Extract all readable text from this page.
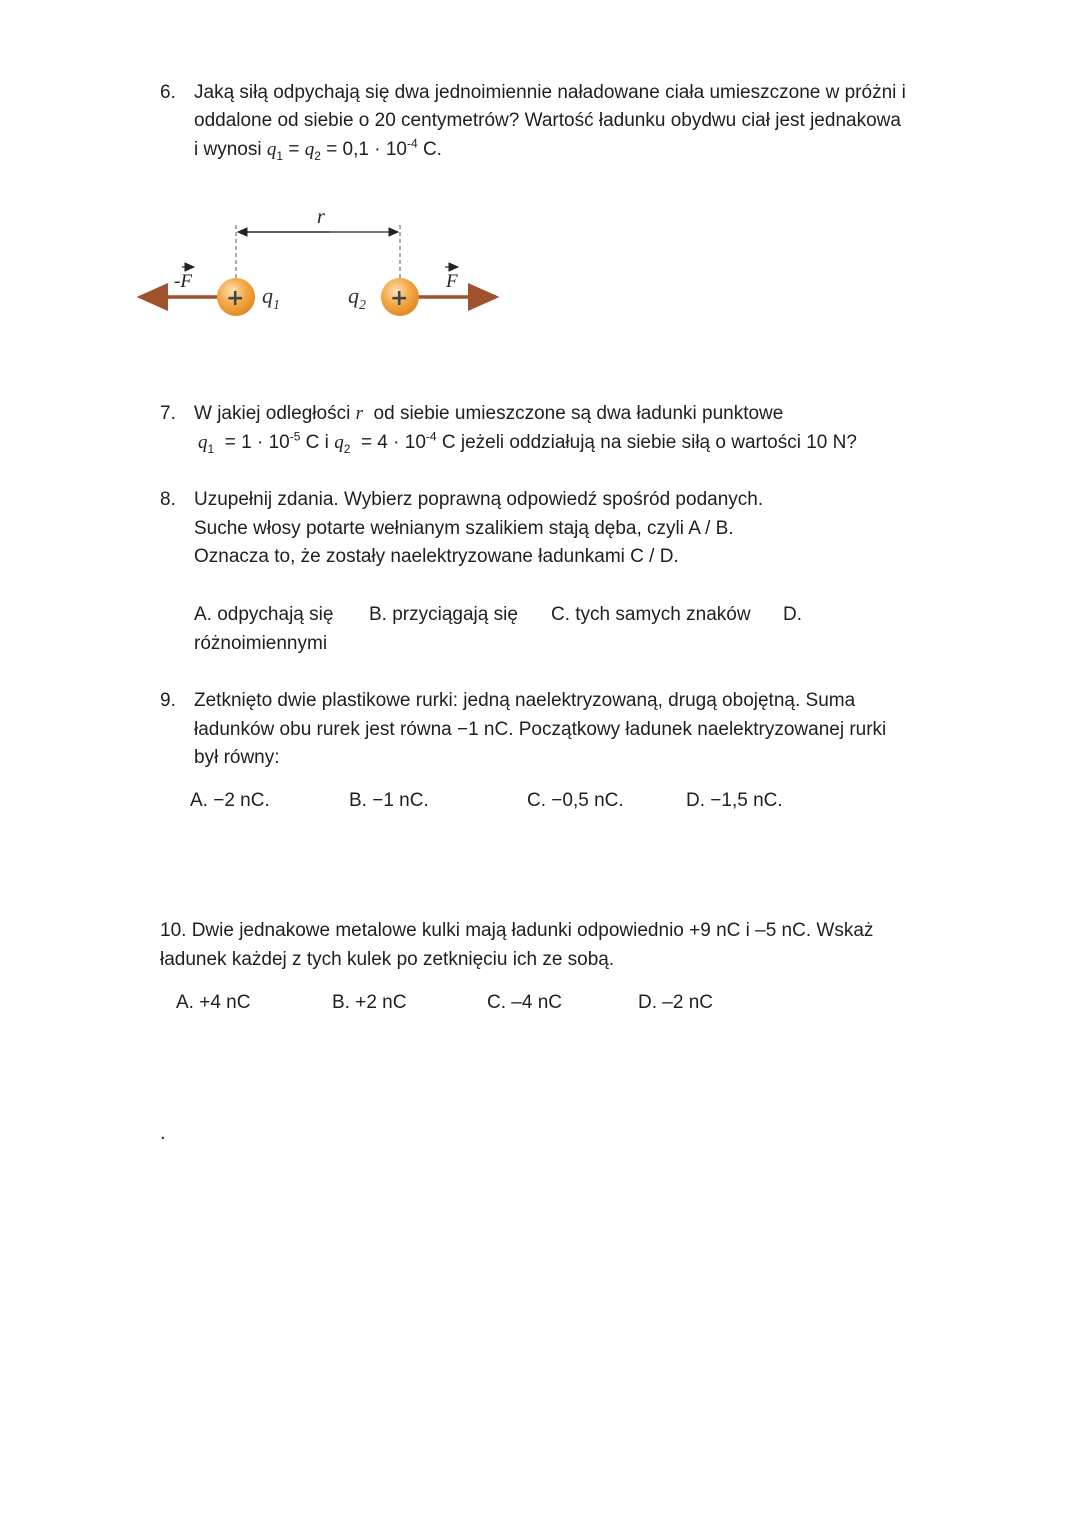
6. Jaką siłą odpychają się dwa jednoimiennie naładowane ciała umieszczone w próżni i
oddalone od siebie o 20 centymetrów? Wartość ładunku obydwu ciał jest jednakowa
i wynosi $q_1 = q_2 = 0,1 \cdot 10^{-4}$ C.
r
-F	F
+	+
$q_1$	$q_2$
7. W jakiej odległości r od siebie umieszczone są dwa ładunki punktowe
$q_1 = 1 \cdot 10^{-5}$ C i $q_2 = 4 \cdot 10^{-4}$ C jeżeli oddziałują na siebie siłą o wartości 10 N?
8. Uzupełnij zdania. Wybierz poprawną odpowiedź spośród podanych.
Suche włosy potarte wełnianym szalikiem stają dęba, czyli A / B.
Oznacza to, że zostały naelektryzowane ładunkami C / D.
A. odpychają się B. przyciągają się C. tych samych znaków D.
różnoimiennymi
9. Zetknięto dwie plastikowe rurki: jedną naelektryzowaną, drugą obojętną. Suma
ładunków obu rurek jest równa −1 nC. Początkowy ładunek naelektryzowanej rurki
był równy:
A. −2 nC.	B. −1 nC.	C. −0,5 nC.	D. −1,5 nC.
10. Dwie jednakowe metalowe kulki mają ładunki odpowiednio +9 nC i –5 nC. Wskaż
ładunek każdej z tych kulek po zetknięciu ich ze sobą.
A. +4 nC	B. +2 nC	C. –4 nC	D. –2 nC
.
